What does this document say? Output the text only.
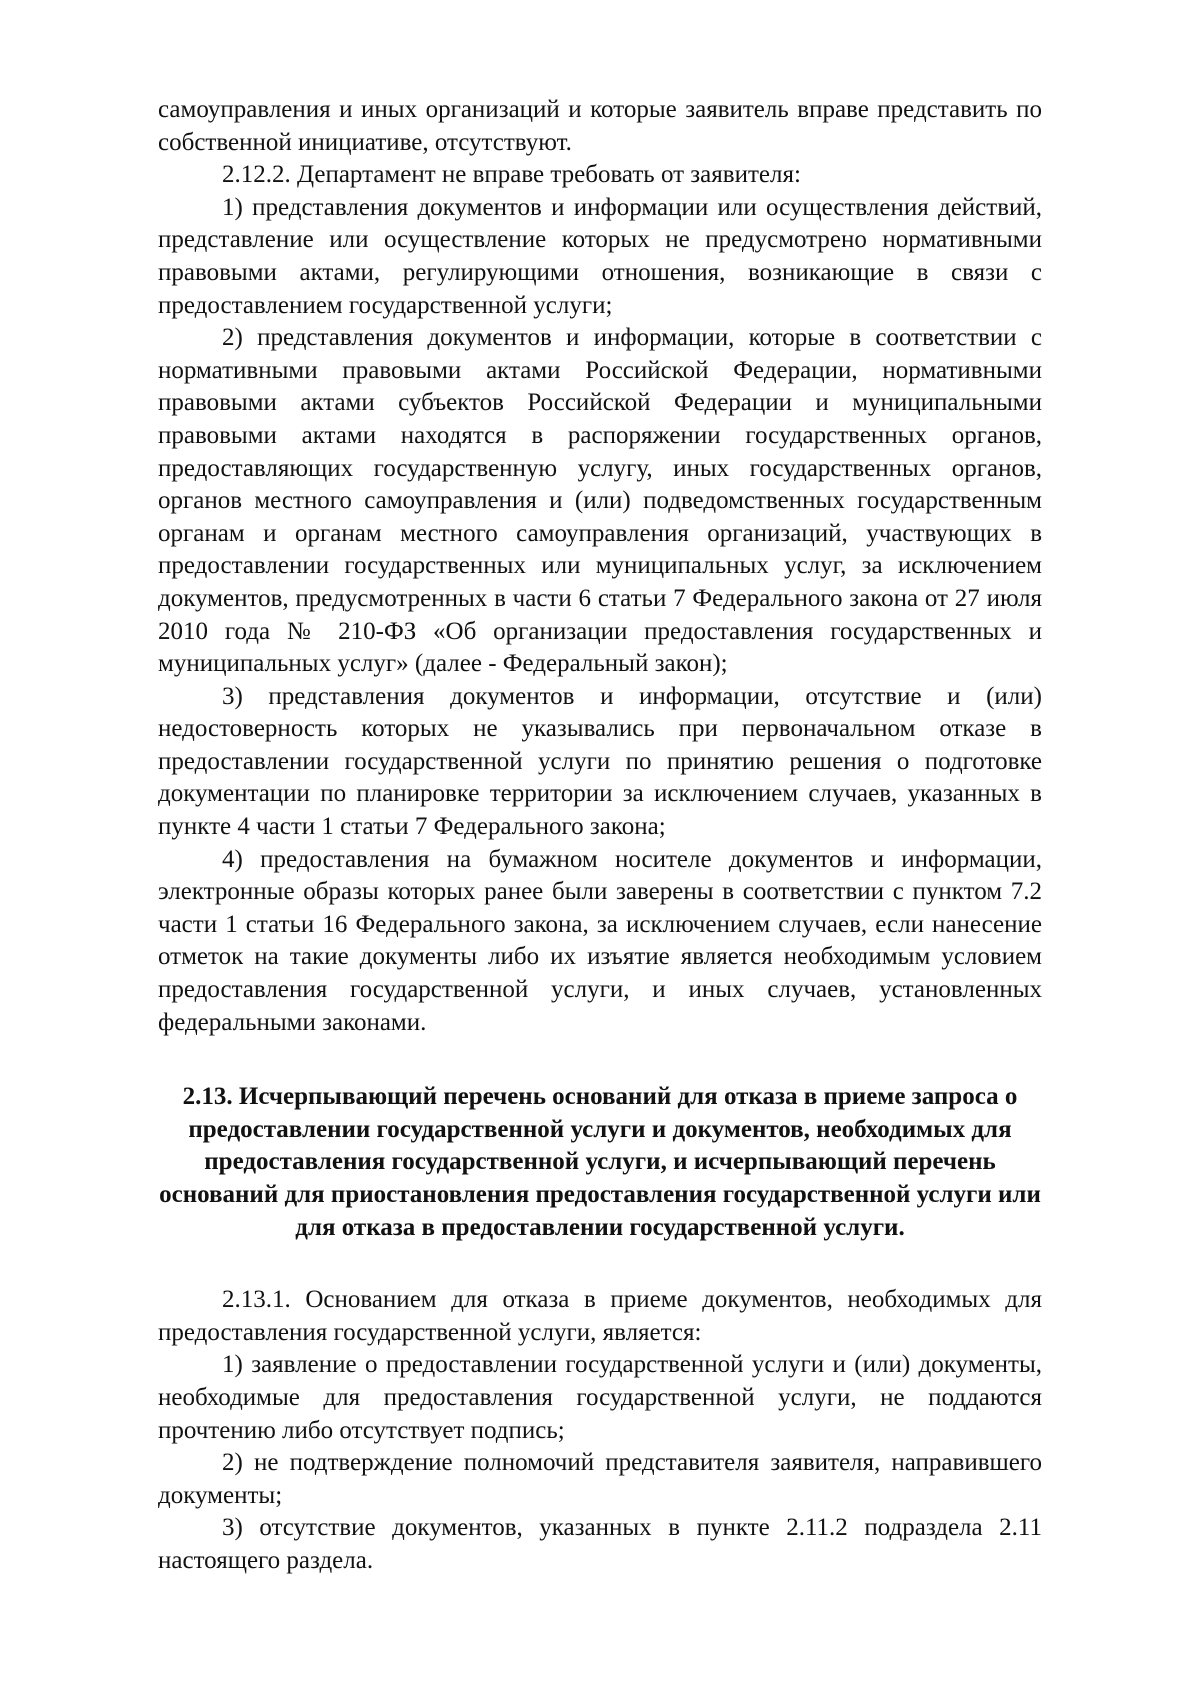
самоуправления и иных организаций и которые заявитель вправе представить по собственной инициативе, отсутствуют.

2.12.2. Департамент не вправе требовать от заявителя:

1) представления документов и информации или осуществления действий, представление или осуществление которых не предусмотрено нормативными правовыми актами, регулирующими отношения, возникающие в связи с предоставлением государственной услуги;

2) представления документов и информации, которые в соответствии с нормативными правовыми актами Российской Федерации, нормативными правовыми актами субъектов Российской Федерации и муниципальными правовыми актами находятся в распоряжении государственных органов, предоставляющих государственную услугу, иных государственных органов, органов местного самоуправления и (или) подведомственных государственным органам и органам местного самоуправления организаций, участвующих в предоставлении государственных или муниципальных услуг, за исключением документов, предусмотренных в части 6 статьи 7 Федерального закона от 27 июля 2010 года № 210-ФЗ «Об организации предоставления государственных и муниципальных услуг» (далее - Федеральный закон);

3) представления документов и информации, отсутствие и (или) недостоверность которых не указывались при первоначальном отказе в предоставлении государственной услуги по принятию решения о подготовке документации по планировке территории за исключением случаев, указанных в пункте 4 части 1 статьи 7 Федерального закона;

4) предоставления на бумажном носителе документов и информации, электронные образы которых ранее были заверены в соответствии с пунктом 7.2 части 1 статьи 16 Федерального закона, за исключением случаев, если нанесение отметок на такие документы либо их изъятие является необходимым условием предоставления государственной услуги, и иных случаев, установленных федеральными законами.

2.13. Исчерпывающий перечень оснований для отказа в приеме запроса о предоставлении государственной услуги и документов, необходимых для предоставления государственной услуги, и исчерпывающий перечень оснований для приостановления предоставления государственной услуги или для отказа в предоставлении государственной услуги.

2.13.1. Основанием для отказа в приеме документов, необходимых для предоставления государственной услуги, является:

1) заявление о предоставлении государственной услуги и (или) документы, необходимые для предоставления государственной услуги, не поддаются прочтению либо отсутствует подпись;

2) не подтверждение полномочий представителя заявителя, направившего документы;

3) отсутствие документов, указанных в пункте 2.11.2 подраздела 2.11 настоящего раздела.
